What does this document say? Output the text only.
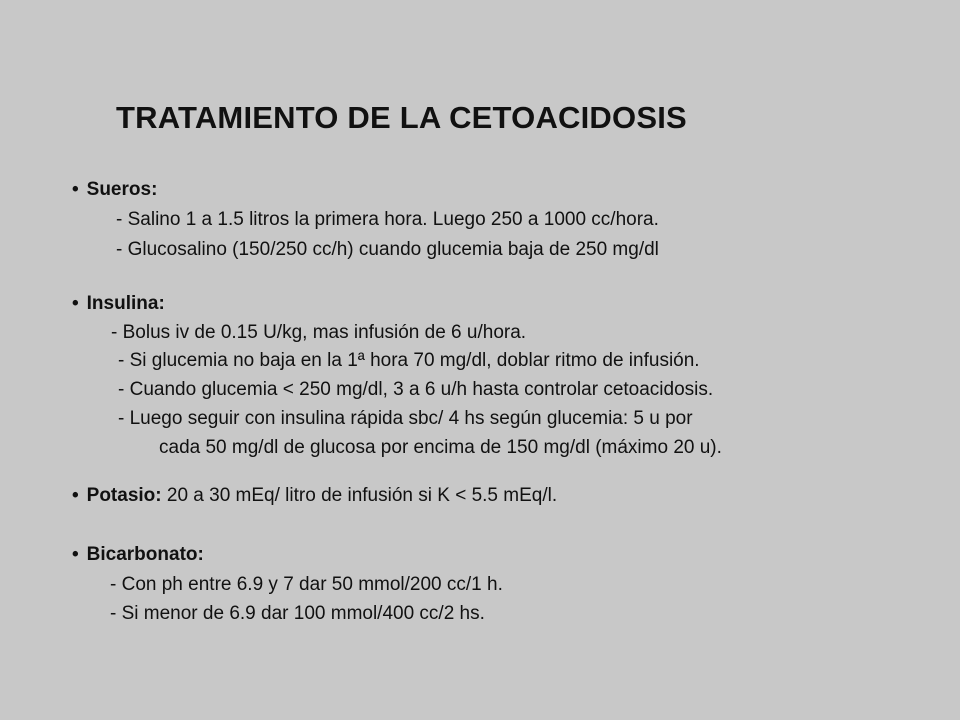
TRATAMIENTO DE LA CETOACIDOSIS
• Sueros:
- Salino 1 a 1.5 litros la primera hora. Luego 250 a 1000 cc/hora.
- Glucosalino (150/250 cc/h) cuando glucemia baja de 250 mg/dl
• Insulina:
- Bolus iv de 0.15 U/kg, mas infusión de 6 u/hora.
- Si glucemia no baja en la 1ª hora 70 mg/dl, doblar ritmo de infusión.
- Cuando glucemia < 250 mg/dl, 3 a 6 u/h hasta controlar cetoacidosis.
- Luego seguir con insulina rápida sbc/ 4 hs según glucemia: 5 u por
cada 50 mg/dl de glucosa por encima de 150 mg/dl (máximo 20 u).
• Potasio: 20 a 30 mEq/ litro de infusión si K < 5.5 mEq/l.
• Bicarbonato:
- Con ph entre 6.9 y 7 dar 50 mmol/200 cc/1 h.
- Si menor de 6.9 dar 100 mmol/400 cc/2 hs.
